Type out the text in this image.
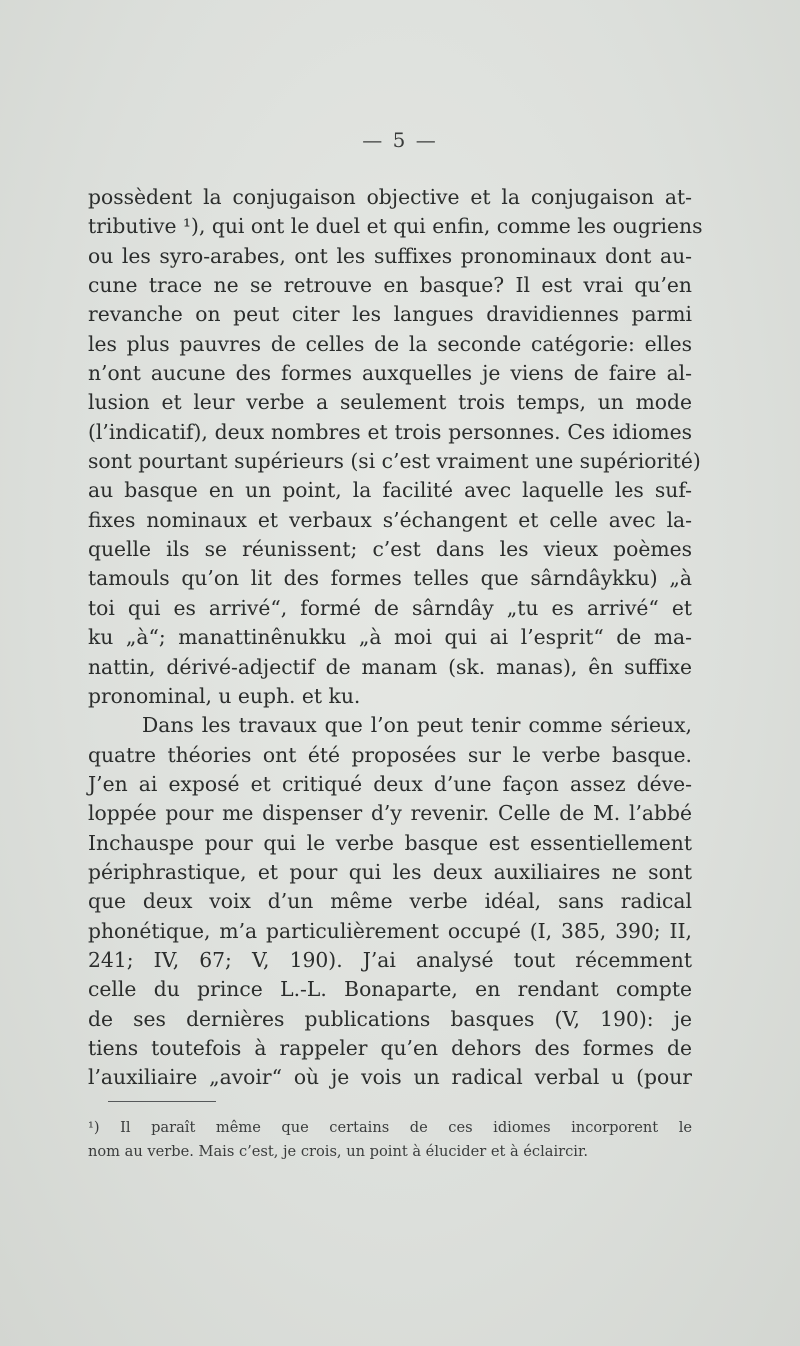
— 5 —
possèdent la conjugaison objective et la conjugaison at-
tributive ¹), qui ont le duel et qui enfin, comme les ougriens
ou les syro-arabes, ont les suffixes pronominaux dont au-
cune trace ne se retrouve en basque? Il est vrai qu’en
revanche on peut citer les langues dravidiennes parmi
les plus pauvres de celles de la seconde catégorie: elles
n’ont aucune des formes auxquelles je viens de faire al-
lusion et leur verbe a seulement trois temps, un mode
(l’indicatif), deux nombres et trois personnes. Ces idiomes
sont pourtant supérieurs (si c’est vraiment une supériorité)
au basque en un point, la facilité avec laquelle les suf-
fixes nominaux et verbaux s’échangent et celle avec la-
quelle ils se réunissent; c’est dans les vieux poèmes
tamouls qu’on lit des formes telles que sârndâykku) „à
toi qui es arrivé“, formé de sârndây „tu es arrivé“ et
ku „à“; manattinênukku „à moi qui ai l’esprit“ de ma-
nattin, dérivé-adjectif de manam (sk. manas), ên suffixe
pronominal, u euph. et ku.
Dans les travaux que l’on peut tenir comme sérieux,
quatre théories ont été proposées sur le verbe basque.
J’en ai exposé et critiqué deux d’une façon assez déve-
loppée pour me dispenser d’y revenir. Celle de M. l’abbé
Inchauspe pour qui le verbe basque est essentiellement
périphrastique, et pour qui les deux auxiliaires ne sont
que deux voix d’un même verbe idéal, sans radical
phonétique, m’a particulièrement occupé (I, 385, 390; II,
241; IV, 67; V, 190). J’ai analysé tout récemment
celle du prince L.-L. Bonaparte, en rendant compte
de ses dernières publications basques (V, 190): je
tiens toutefois à rappeler qu’en dehors des formes de
l’auxiliaire „avoir“ où je vois un radical verbal u (pour
¹) Il paraît même que certains de ces idiomes incorporent le
nom au verbe. Mais c’est, je crois, un point à élucider et à éclaircir.
